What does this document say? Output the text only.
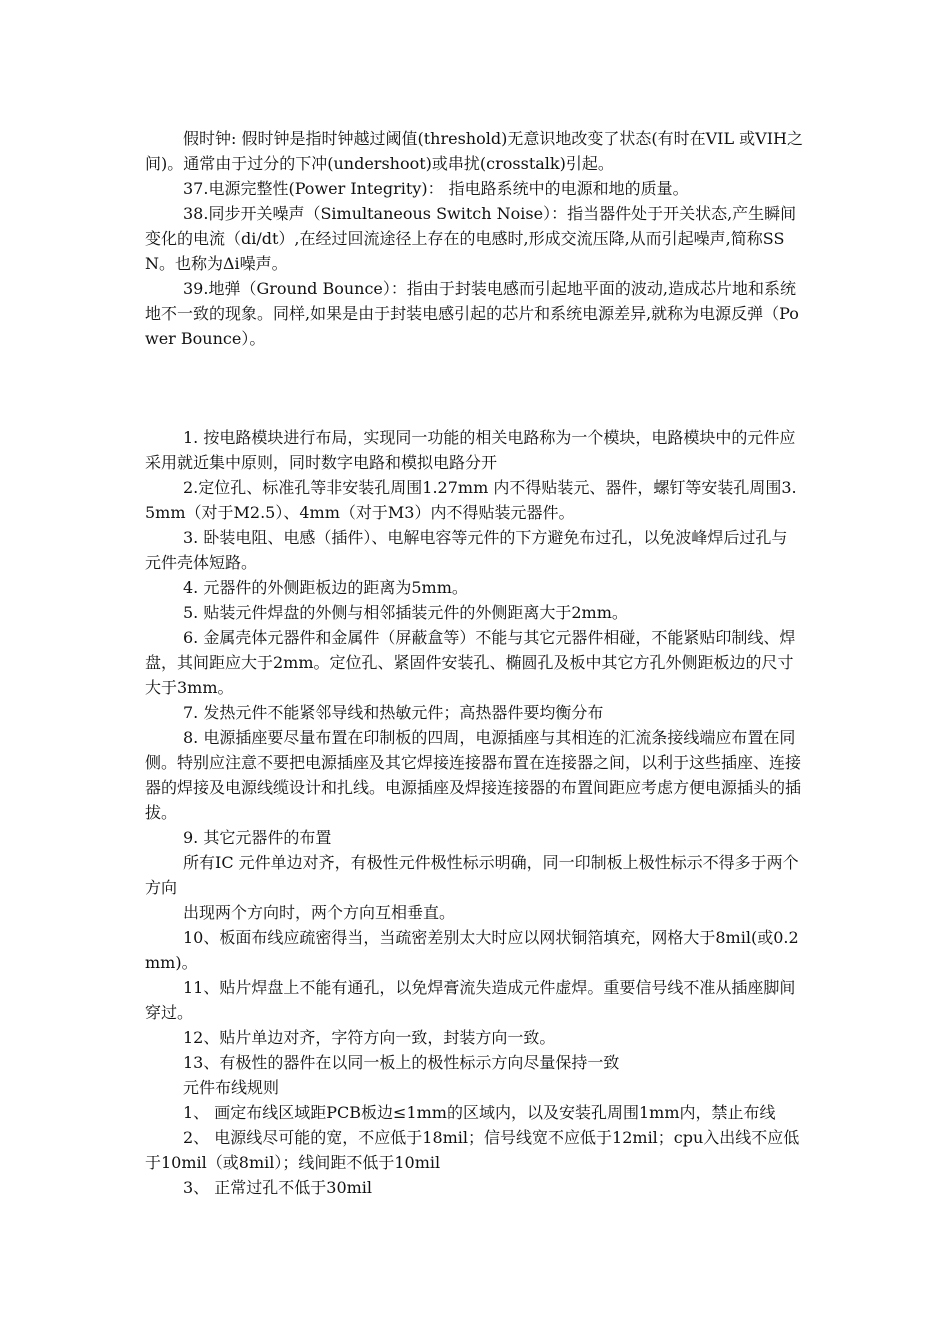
假时钟: 假时钟是指时钟越过阈值(threshold)无意识地改变了状态(有时在VIL 或VIH之间)。通常由于过分的下冲(undershoot)或串扰(crosstalk)引起。

37.电源完整性(Power Integrity)： 指电路系统中的电源和地的质量。

38.同步开关噪声（Simultaneous Switch Noise）：指当器件处于开关状态,产生瞬间变化的电流（di/dt）,在经过回流途径上存在的电感时,形成交流压降,从而引起噪声,简称SSN。也称为Δi噪声。

39.地弹（Ground Bounce）：指由于封装电感而引起地平面的波动,造成芯片地和系统地不一致的现象。同样,如果是由于封装电感引起的芯片和系统电源差异,就称为电源反弹（Power Bounce）。

1. 按电路模块进行布局，实现同一功能的相关电路称为一个模块，电路模块中的元件应采用就近集中原则，同时数字电路和模拟电路分开

2.定位孔、标准孔等非安装孔周围1.27mm 内不得贴装元、器件，螺钉等安装孔周围3.5mm（对于M2.5）、4mm（对于M3）内不得贴装元器件。

3. 卧装电阻、电感（插件）、电解电容等元件的下方避免布过孔，以免波峰焊后过孔与元件壳体短路。

4. 元器件的外侧距板边的距离为5mm。

5. 贴装元件焊盘的外侧与相邻插装元件的外侧距离大于2mm。

6. 金属壳体元器件和金属件（屏蔽盒等）不能与其它元器件相碰，不能紧贴印制线、焊盘，其间距应大于2mm。定位孔、紧固件安装孔、椭圆孔及板中其它方孔外侧距板边的尺寸大于3mm。

7. 发热元件不能紧邻导线和热敏元件；高热器件要均衡分布

8. 电源插座要尽量布置在印制板的四周，电源插座与其相连的汇流条接线端应布置在同侧。特别应注意不要把电源插座及其它焊接连接器布置在连接器之间，以利于这些插座、连接器的焊接及电源线缆设计和扎线。电源插座及焊接连接器的布置间距应考虑方便电源插头的插拔。

9. 其它元器件的布置

所有IC 元件单边对齐，有极性元件极性标示明确，同一印制板上极性标示不得多于两个方向

出现两个方向时，两个方向互相垂直。

10、板面布线应疏密得当，当疏密差别太大时应以网状铜箔填充，网格大于8mil(或0.2mm)。

11、贴片焊盘上不能有通孔，以免焊膏流失造成元件虚焊。重要信号线不准从插座脚间穿过。

12、贴片单边对齐，字符方向一致，封装方向一致。

13、有极性的器件在以同一板上的极性标示方向尽量保持一致

元件布线规则

1、 画定布线区域距PCB板边≤1mm的区域内，以及安装孔周围1mm内，禁止布线

2、 电源线尽可能的宽，不应低于18mil；信号线宽不应低于12mil；cpu入出线不应低于10mil（或8mil）；线间距不低于10mil

3、 正常过孔不低于30mil
